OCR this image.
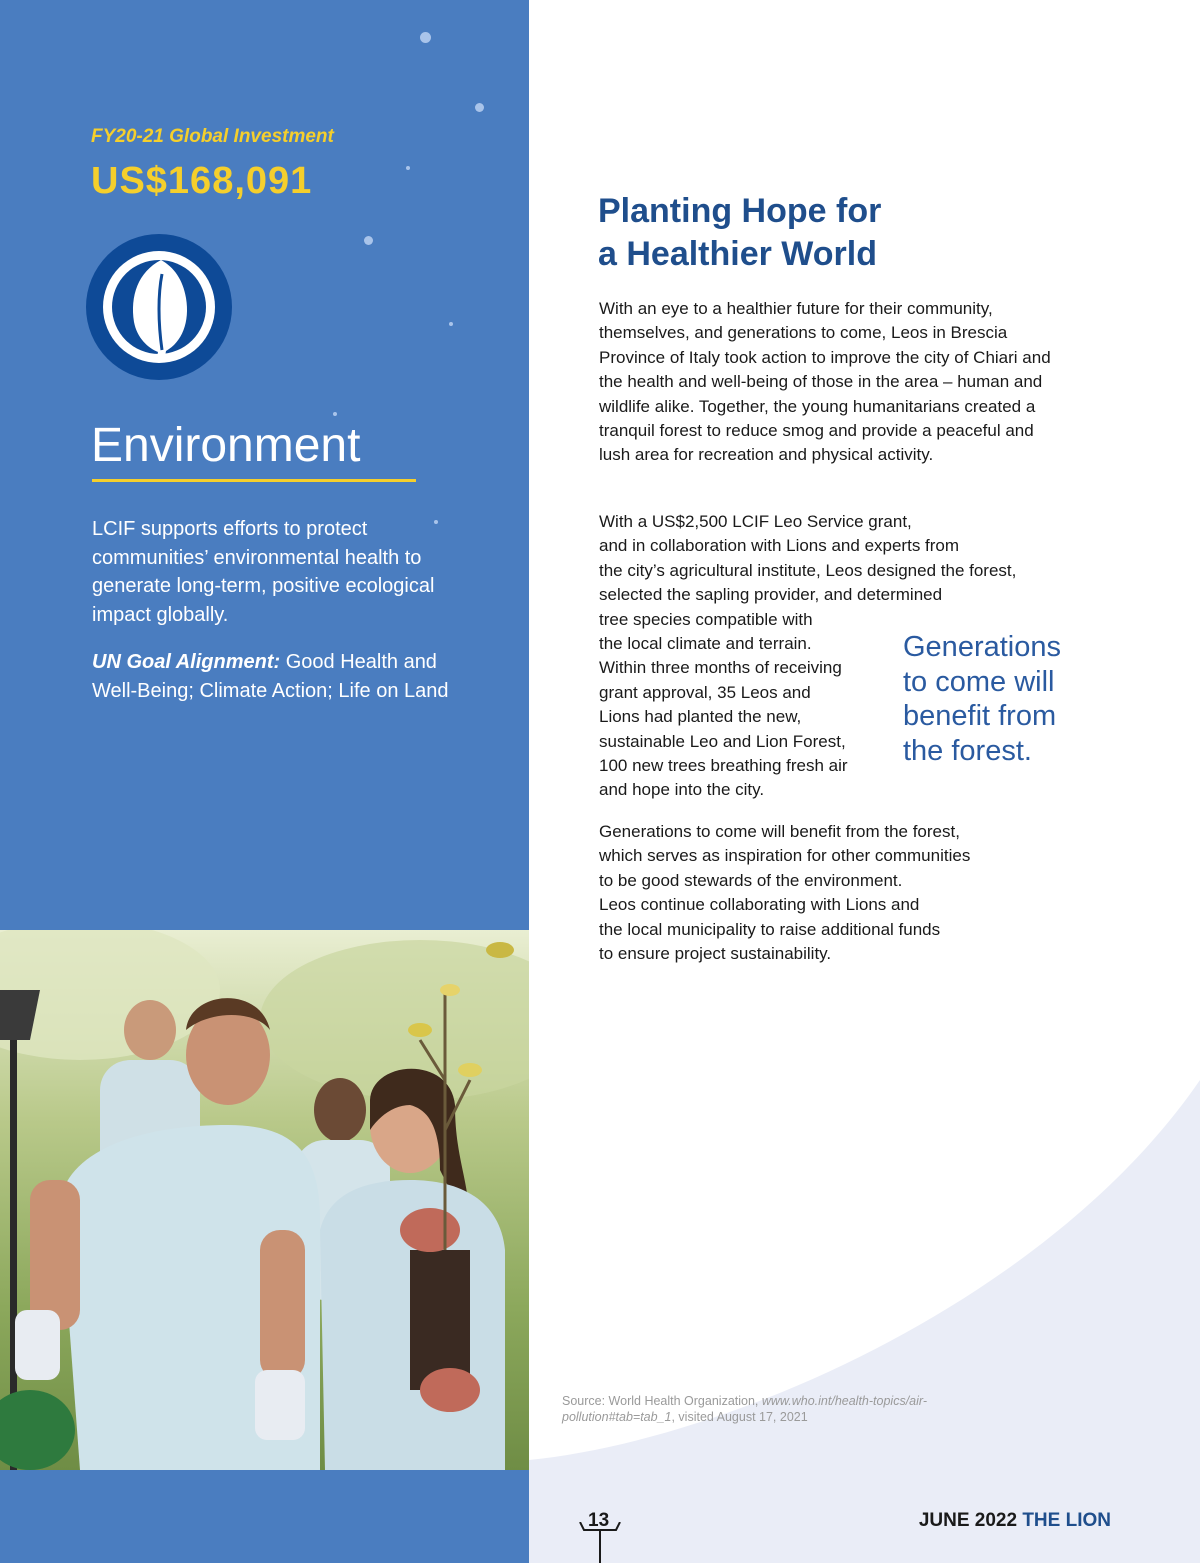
FY20-21 Global Investment
US$168,091
Environment

LCIF supports efforts to protect communities’ environmental health to generate long-term, positive ecological impact globally.

UN Goal Alignment: Good Health and Well-Being; Climate Action; Life on Land

Planting Hope for
a Healthier World

With an eye to a healthier future for their community, themselves, and generations to come, Leos in Brescia Province of Italy took action to improve the city of Chiari and the health and well-being of those in the area – human and wildlife alike. Together, the young humanitarians created a tranquil forest to reduce smog and provide a peaceful and lush area for recreation and physical activity.

With a US$2,500 LCIF Leo Service grant,
and in collaboration with Lions and experts from
the city’s agricultural institute, Leos designed the forest,
selected the sapling provider, and determined
tree species compatible with
the local climate and terrain.
Within three months of receiving
grant approval, 35 Leos and
Lions had planted the new,
sustainable Leo and Lion Forest,
100 new trees breathing fresh air
and hope into the city.

Generations to come will benefit from the forest.

Generations to come will benefit from the forest,
which serves as inspiration for other communities
to be good stewards of the environment.
Leos continue collaborating with Lions and
the local municipality to raise additional funds
to ensure project sustainability.

Source: World Health Organization, www.who.int/health-topics/air-pollution#tab=tab_1, visited August 17, 2021

13	JUNE 2022 THE LION
